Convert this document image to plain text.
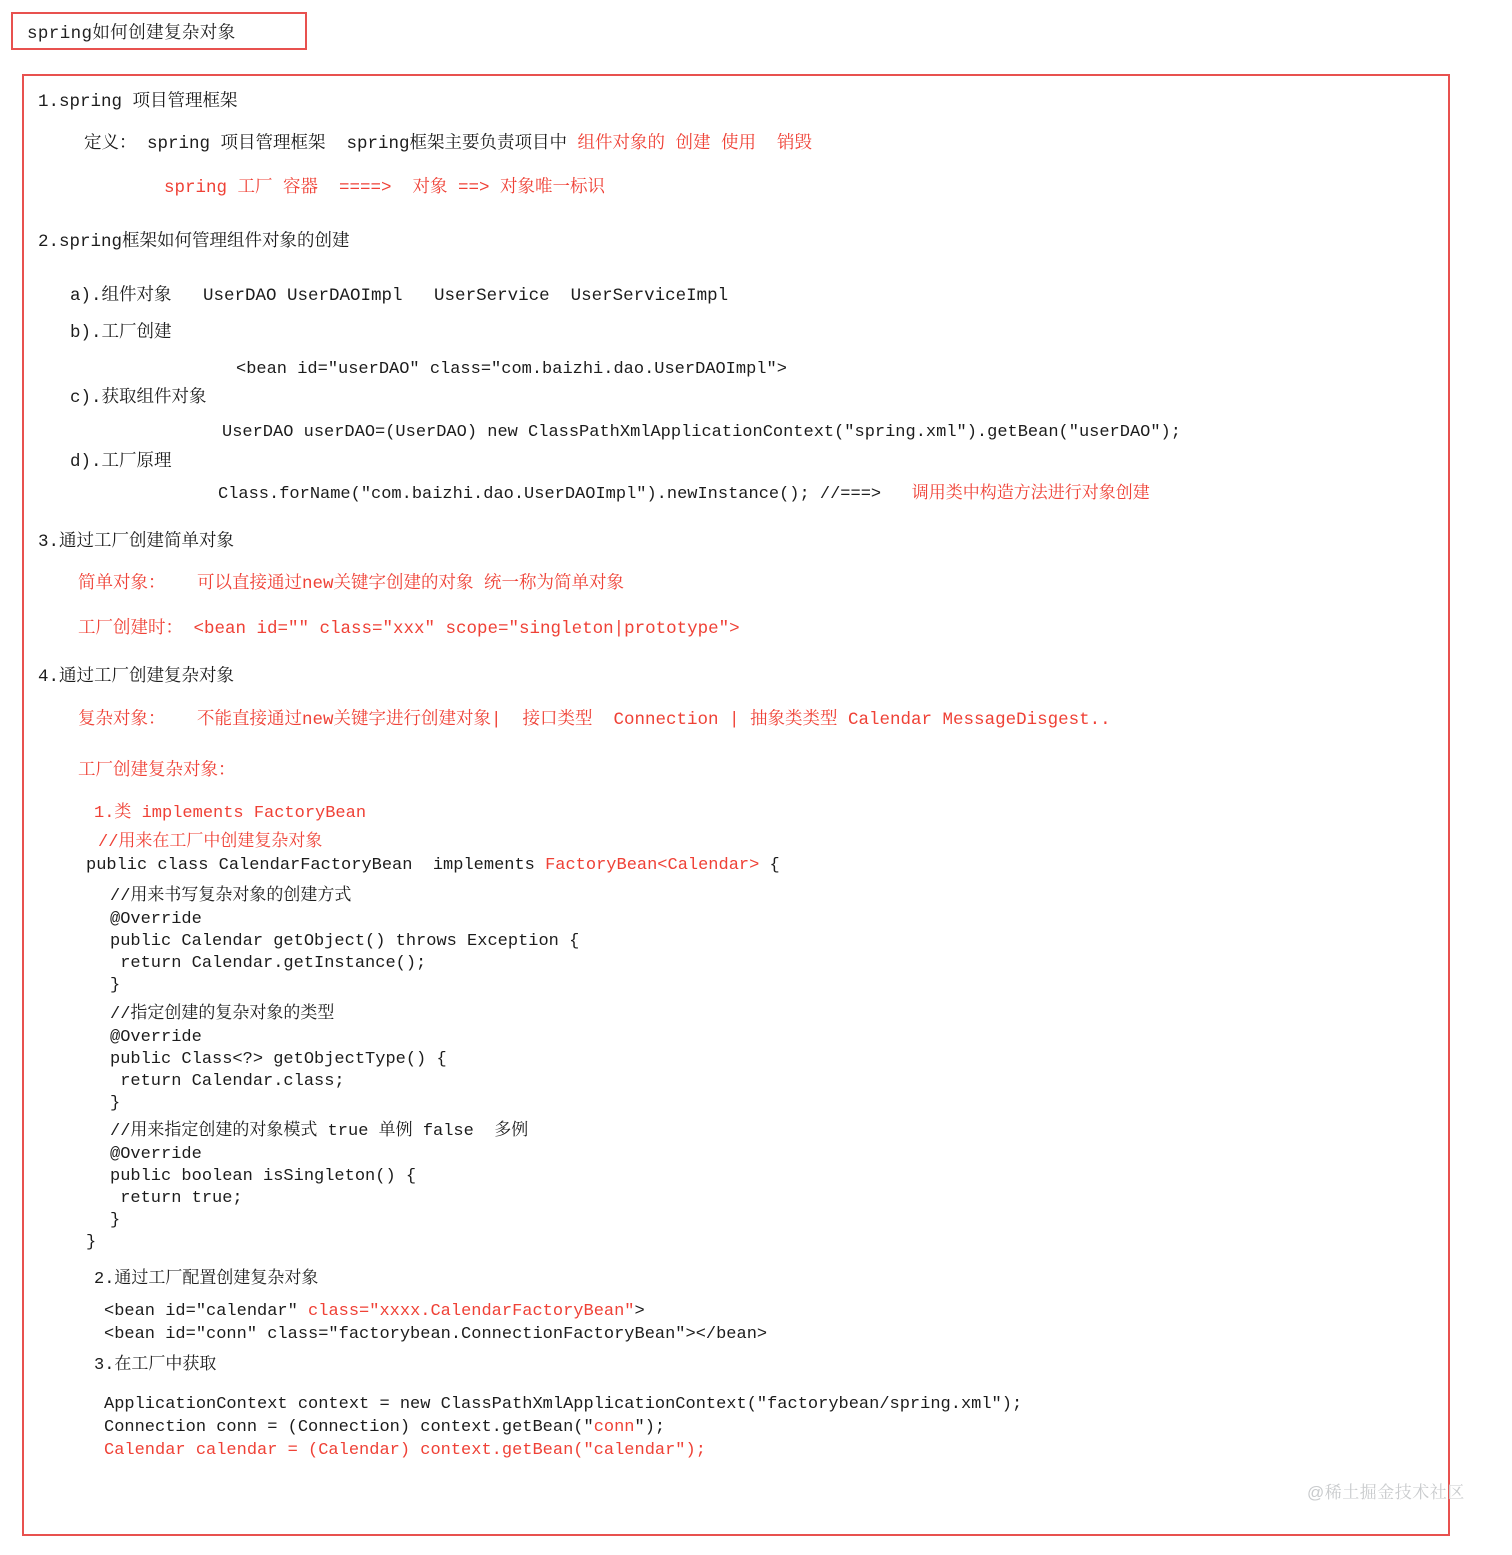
spring如何创建复杂对象
1.spring 项目管理框架
定义： spring 项目管理框架  spring框架主要负责项目中 组件对象的 创建 使用  销毁
spring 工厂 容器  ====>  对象 ==> 对象唯一标识
2.spring框架如何管理组件对象的创建
a).组件对象   UserDAO UserDAOImpl   UserService  UserServiceImpl
b).工厂创建
<bean id="userDAO" class="com.baizhi.dao.UserDAOImpl">
c).获取组件对象
UserDAO userDAO=(UserDAO) new ClassPathXmlApplicationContext("spring.xml").getBean("userDAO");
d).工厂原理
Class.forName("com.baizhi.dao.UserDAOImpl").newInstance(); //===> 调用类中构造方法进行对象创建
3.通过工厂创建简单对象
简单对象：   可以直接通过new关键字创建的对象 统一称为简单对象
工厂创建时： <bean id="" class="xxx" scope="singleton|prototype">
4.通过工厂创建复杂对象
复杂对象：   不能直接通过new关键字进行创建对象|  接口类型  Connection | 抽象类类型 Calendar MessageDisgest..
工厂创建复杂对象：
1.类 implements FactoryBean
//用来在工厂中创建复杂对象
public class CalendarFactoryBean  implements FactoryBean<Calendar> {
//用来书写复杂对象的创建方式
@Override
public Calendar getObject() throws Exception {
return Calendar.getInstance();
}
//指定创建的复杂对象的类型
@Override
public Class<?> getObjectType() {
return Calendar.class;
}
//用来指定创建的对象模式 true 单例 false  多例
@Override
public boolean isSingleton() {
return true;
}
}
2.通过工厂配置创建复杂对象
<bean id="calendar" class="xxxx.CalendarFactoryBean">
<bean id="conn" class="factorybean.ConnectionFactoryBean"></bean>
3.在工厂中获取
ApplicationContext context = new ClassPathXmlApplicationContext("factorybean/spring.xml");
Connection conn = (Connection) context.getBean("conn");
Calendar calendar = (Calendar) context.getBean("calendar");
@稀土掘金技术社区
